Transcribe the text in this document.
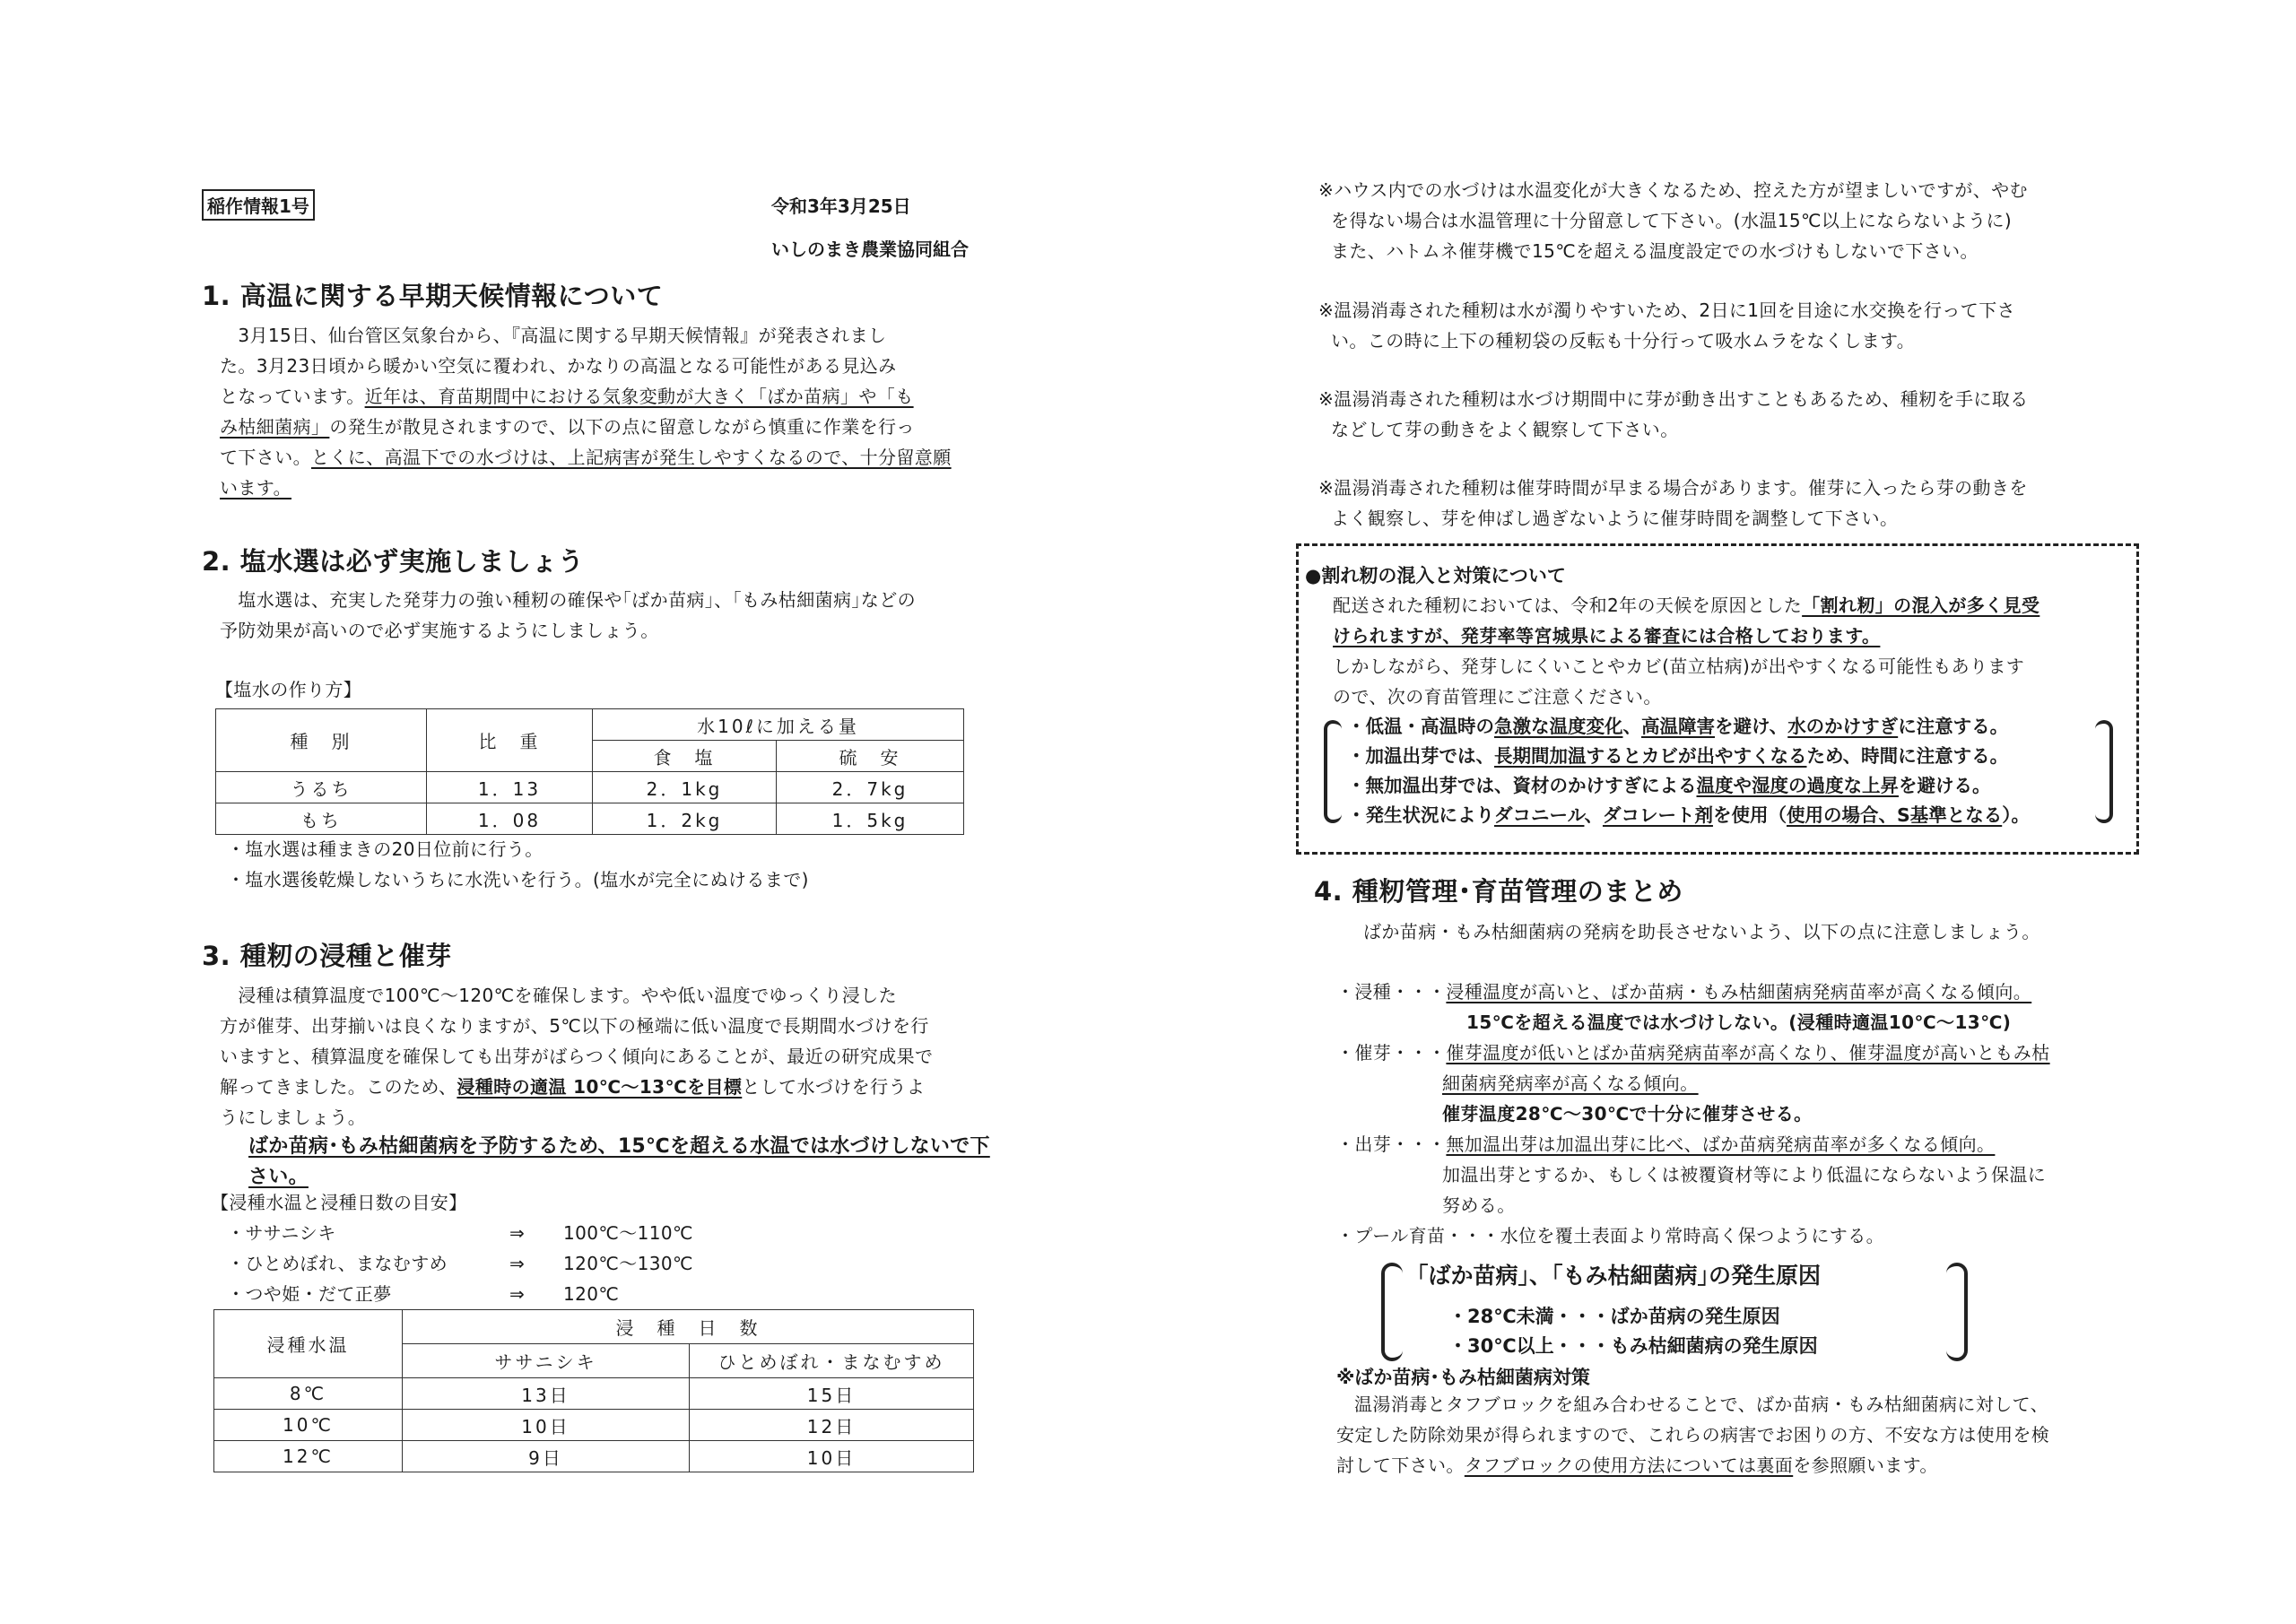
稲作情報1号	令和3年3月25日
いしのまき農業協同組合
1. 高温に関する早期天候情報について
　3月15日、仙台管区気象台から、『高温に関する早期天候情報』が発表されまし
た。3月23日頃から暖かい空気に覆われ、かなりの高温となる可能性がある見込み
となっています。近年は、育苗期間中における気象変動が大きく「ばか苗病」や「も
み枯細菌病」の発生が散見されますので、以下の点に留意しながら慎重に作業を行っ
て下さい。とくに、高温下での水づけは、上記病害が発生しやすくなるので、十分留意願
います。
2. 塩水選は必ず実施しましょう
　塩水選は、充実した発芽力の強い種籾の確保や｢ばか苗病｣、｢もみ枯細菌病｣などの
予防効果が高いので必ず実施するようにしましょう。
【塩水の作り方】
種　別	比　重	水10ℓに加える量	
		食　塩	硫　安
うるち	1．13	2．1kg	2．7kg
もち	1．08	1．2kg	1．5kg
・塩水選は種まきの20日位前に行う。
・塩水選後乾燥しないうちに水洗いを行う。(塩水が完全にぬけるまで)
3. 種籾の浸種と催芽
　浸種は積算温度で100℃〜120℃を確保します。やや低い温度でゆっくり浸した
方が催芽、出芽揃いは良くなりますが、5℃以下の極端に低い温度で長期間水づけを行
いますと、積算温度を確保しても出芽がばらつく傾向にあることが、最近の研究成果で
解ってきました。このため、浸種時の適温 10℃〜13℃を目標として水づけを行うよ
うにしましょう。
ばか苗病･もみ枯細菌病を予防するため、15℃を超える水温では水づけしないで下
さい。
【浸種水温と浸種日数の目安】
・ササニシキ	⇒	100℃〜110℃
・ひとめぼれ、まなむすめ	⇒	120℃〜130℃
・つや姫・だて正夢	⇒	120℃
浸種水温	浸　種　日　数	
	ササニシキ	ひとめぼれ・まなむすめ
8℃	13日	15日
10℃	10日	12日
12℃	9日	10日
※ハウス内での水づけは水温変化が大きくなるため、控えた方が望ましいですが、やむ
を得ない場合は水温管理に十分留意して下さい。(水温15℃以上にならないように)
また、ハトムネ催芽機で15℃を超える温度設定での水づけもしないで下さい。
※温湯消毒された種籾は水が濁りやすいため、2日に1回を目途に水交換を行って下さ
い。この時に上下の種籾袋の反転も十分行って吸水ムラをなくします。
※温湯消毒された種籾は水づけ期間中に芽が動き出すこともあるため、種籾を手に取る
などして芽の動きをよく観察して下さい。
※温湯消毒された種籾は催芽時間が早まる場合があります。催芽に入ったら芽の動きを
よく観察し、芽を伸ばし過ぎないように催芽時間を調整して下さい。
●割れ籾の混入と対策について
配送された種籾においては、令和2年の天候を原因とした「割れ籾」の混入が多く見受
けられますが、発芽率等宮城県による審査には合格しております。
しかしながら、発芽しにくいことやカビ(苗立枯病)が出やすくなる可能性もあります
ので、次の育苗管理にご注意ください。
・低温・高温時の急激な温度変化、高温障害を避け、水のかけすぎに注意する。
・加温出芽では、長期間加温するとカビが出やすくなるため、時間に注意する。
・無加温出芽では、資材のかけすぎによる温度や湿度の過度な上昇を避ける。
・発生状況によりダコニール、ダコレート剤を使用（使用の場合、S基準となる）。
4. 種籾管理･育苗管理のまとめ
ばか苗病・もみ枯細菌病の発病を助長させないよう、以下の点に注意しましょう。
・浸種・・・浸種温度が高いと、ばか苗病・もみ枯細菌病発病苗率が高くなる傾向。
15℃を超える温度では水づけしない。(浸種時適温10℃〜13℃)
・催芽・・・催芽温度が低いとばか苗病発病苗率が高くなり、催芽温度が高いともみ枯
細菌病発病率が高くなる傾向。
催芽温度28℃〜30℃で十分に催芽させる。
・出芽・・・無加温出芽は加温出芽に比べ、ばか苗病発病苗率が多くなる傾向。
加温出芽とするか、もしくは被覆資材等により低温にならないよう保温に
努める。
・プール育苗・・・水位を覆土表面より常時高く保つようにする。
｢ばか苗病｣、｢もみ枯細菌病｣の発生原因
・28℃未満・・・ばか苗病の発生原因
・30℃以上・・・もみ枯細菌病の発生原因
※ばか苗病･もみ枯細菌病対策
温湯消毒とタフブロックを組み合わせることで、ばか苗病・もみ枯細菌病に対して、
安定した防除効果が得られますので、これらの病害でお困りの方、不安な方は使用を検
討して下さい。タフブロックの使用方法については裏面を参照願います。
